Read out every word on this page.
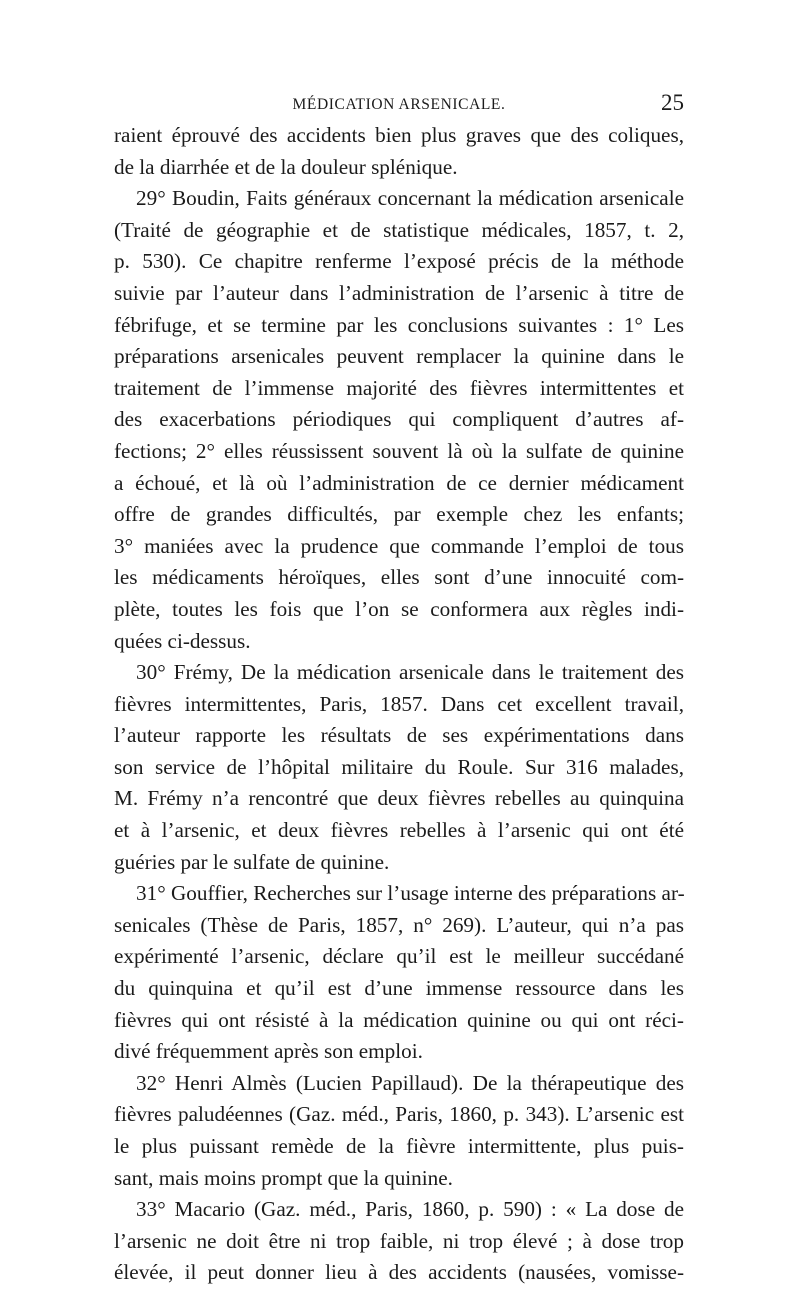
MÉDICATION ARSENICALE.	25
raient éprouvé des accidents bien plus graves que des coliques,
de la diarrhée et de la douleur splénique.
29° Boudin, Faits généraux concernant la médication arsenicale
(Traité de géographie et de statistique médicales, 1857, t. 2,
p. 530). Ce chapitre renferme l’exposé précis de la méthode
suivie par l’auteur dans l’administration de l’arsenic à titre de
fébrifuge, et se termine par les conclusions suivantes : 1° Les
préparations arsenicales peuvent remplacer la quinine dans le
traitement de l’immense majorité des fièvres intermittentes et
des exacerbations périodiques qui compliquent d’autres af-
fections; 2° elles réussissent souvent là où la sulfate de quinine
a échoué, et là où l’administration de ce dernier médicament
offre de grandes difficultés, par exemple chez les enfants;
3° maniées avec la prudence que commande l’emploi de tous
les médicaments héroïques, elles sont d’une innocuité com-
plète, toutes les fois que l’on se conformera aux règles indi-
quées ci-dessus.
30° Frémy, De la médication arsenicale dans le traitement des
fièvres intermittentes, Paris, 1857. Dans cet excellent travail,
l’auteur rapporte les résultats de ses expérimentations dans
son service de l’hôpital militaire du Roule. Sur 316 malades,
M. Frémy n’a rencontré que deux fièvres rebelles au quinquina
et à l’arsenic, et deux fièvres rebelles à l’arsenic qui ont été
guéries par le sulfate de quinine.
31° Gouffier, Recherches sur l’usage interne des préparations ar-
senicales (Thèse de Paris, 1857, n° 269). L’auteur, qui n’a pas
expérimenté l’arsenic, déclare qu’il est le meilleur succédané
du quinquina et qu’il est d’une immense ressource dans les
fièvres qui ont résisté à la médication quinine ou qui ont réci-
divé fréquemment après son emploi.
32° Henri Almès (Lucien Papillaud). De la thérapeutique des
fièvres paludéennes (Gaz. méd., Paris, 1860, p. 343). L’arsenic est
le plus puissant remède de la fièvre intermittente, plus puis-
sant, mais moins prompt que la quinine.
33° Macario (Gaz. méd., Paris, 1860, p. 590) : « La dose de
l’arsenic ne doit être ni trop faible, ni trop élevé ; à dose trop
élevée, il peut donner lieu à des accidents (nausées, vomisse-
